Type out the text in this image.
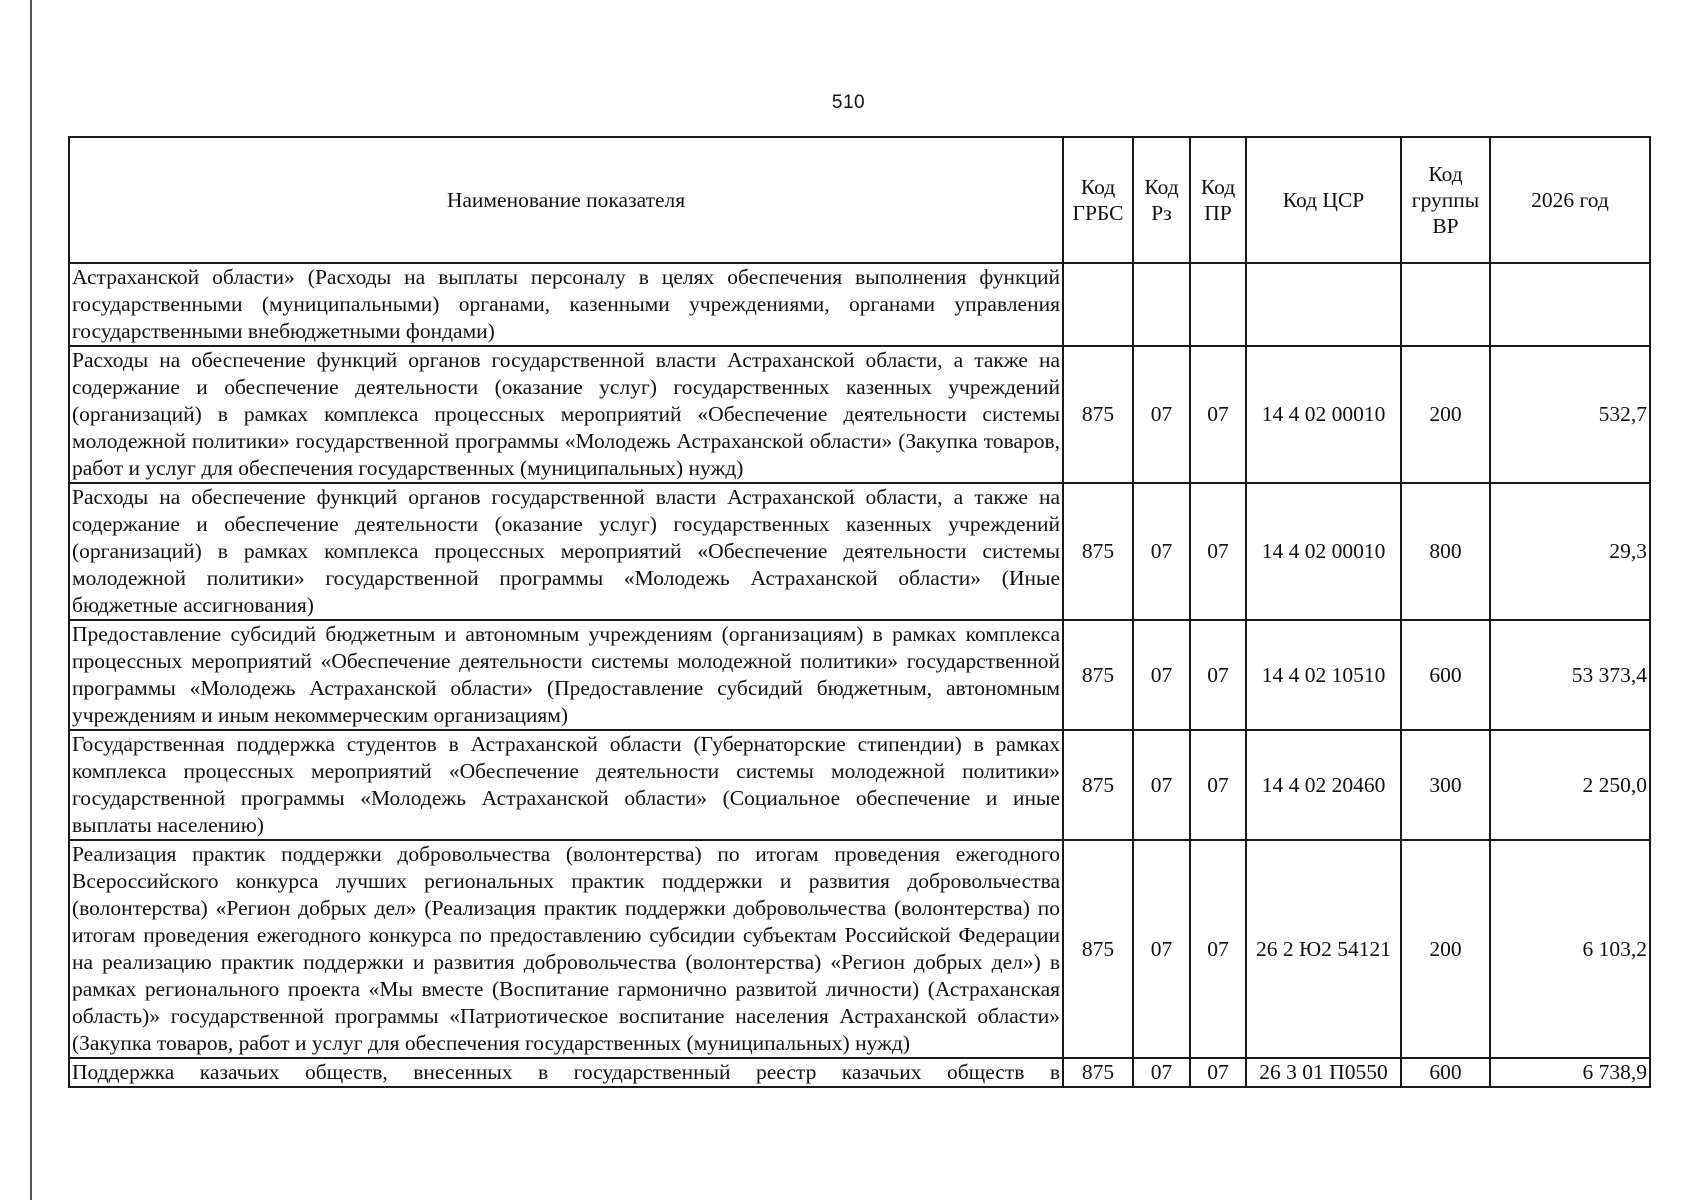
510
Наименование показателя	Код ГРБС	Код Рз	Код ПР	Код ЦСР	Код группы ВР	2026 год
Астраханской области» (Расходы на выплаты персоналу в целях обеспечения выполнения функций государственными (муниципальными) органами, казенными учреждениями, органами управления государственными внебюджетными фондами)						
Расходы на обеспечение функций органов государственной власти Астраханской области, а также на содержание и обеспечение деятельности (оказание услуг) государственных казенных учреждений (организаций) в рамках комплекса процессных мероприятий «Обеспечение деятельности системы молодежной политики» государственной программы «Молодежь Астраханской области» (Закупка товаров, работ и услуг для обеспечения государственных (муниципальных) нужд)	875	07	07	14 4 02 00010	200	532,7
Расходы на обеспечение функций органов государственной власти Астраханской области, а также на содержание и обеспечение деятельности (оказание услуг) государственных казенных учреждений (организаций) в рамках комплекса процессных мероприятий «Обеспечение деятельности системы молодежной политики» государственной программы «Молодежь Астраханской области» (Иные бюджетные ассигнования)	875	07	07	14 4 02 00010	800	29,3
Предоставление субсидий бюджетным и автономным учреждениям (организациям) в рамках комплекса процессных мероприятий «Обеспечение деятельности системы молодежной политики» государственной программы «Молодежь Астраханской области» (Предоставление субсидий бюджетным, автономным учреждениям и иным некоммерческим организациям)	875	07	07	14 4 02 10510	600	53 373,4
Государственная поддержка студентов в Астраханской области (Губернаторские стипендии) в рамках комплекса процессных мероприятий «Обеспечение деятельности системы молодежной политики» государственной программы «Молодежь Астраханской области» (Социальное обеспечение и иные выплаты населению)	875	07	07	14 4 02 20460	300	2 250,0
Реализация практик поддержки добровольчества (волонтерства) по итогам проведения ежегодного Всероссийского конкурса лучших региональных практик поддержки и развития добровольчества (волонтерства) «Регион добрых дел» (Реализация практик поддержки добровольчества (волонтерства) по итогам проведения ежегодного конкурса по предоставлению субсидии субъектам Российской Федерации на реализацию практик поддержки и развития добровольчества (волонтерства) «Регион добрых дел») в рамках регионального проекта «Мы вместе (Воспитание гармонично развитой личности) (Астраханская область)» государственной программы «Патриотическое воспитание населения Астраханской области» (Закупка товаров, работ и услуг для обеспечения государственных (муниципальных) нужд)	875	07	07	26 2 Ю2 54121	200	6 103,2

Поддержка казачьих обществ, внесенных в государственный реестр казачьих обществ в	875	07	07	26 3 01 П0550	600	6 738,9
